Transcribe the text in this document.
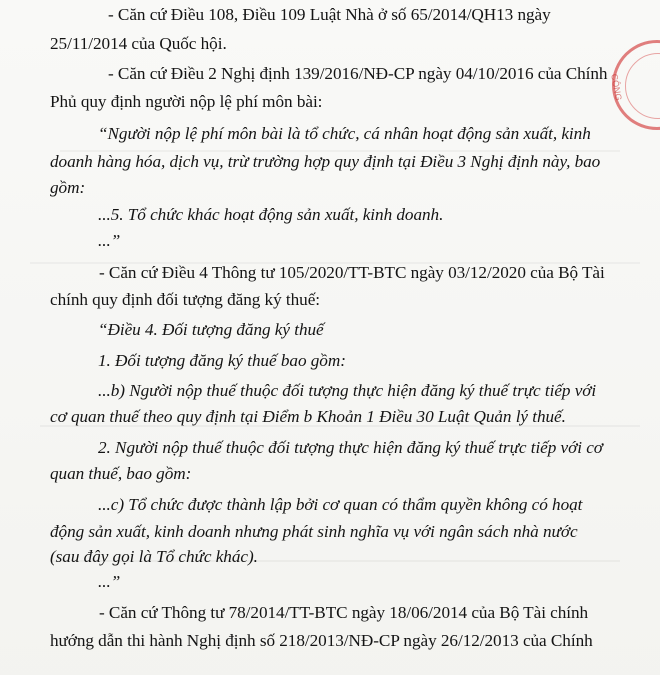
CÔNG
- Căn cứ Điều 108, Điều 109 Luật Nhà ở số 65/2014/QH13 ngày
25/11/2014 của Quốc hội.
- Căn cứ Điều 2 Nghị định 139/2016/NĐ-CP ngày 04/10/2016 của Chính
Phủ quy định người nộp lệ phí môn bài:
“Người nộp lệ phí môn bài là tổ chức, cá nhân hoạt động sản xuất, kinh
doanh hàng hóa, dịch vụ, trừ trường hợp quy định tại Điều 3 Nghị định này, bao
gồm:
...5. Tổ chức khác hoạt động sản xuất, kinh doanh.
...”
- Căn cứ Điều 4 Thông tư 105/2020/TT-BTC ngày 03/12/2020 của Bộ Tài
chính quy định đối tượng đăng ký thuế:
“Điều 4. Đối tượng đăng ký thuế
1. Đối tượng đăng ký thuế bao gồm:
...b) Người nộp thuế thuộc đối tượng thực hiện đăng ký thuế trực tiếp với
cơ quan thuế theo quy định tại Điểm b Khoản 1 Điều 30 Luật Quản lý thuế.
2. Người nộp thuế thuộc đối tượng thực hiện đăng ký thuế trực tiếp với cơ
quan thuế, bao gồm:
...c) Tổ chức được thành lập bởi cơ quan có thẩm quyền không có hoạt
động sản xuất, kinh doanh nhưng phát sinh nghĩa vụ với ngân sách nhà nước
(sau đây gọi là Tổ chức khác).
...”
- Căn cứ Thông tư 78/2014/TT-BTC ngày 18/06/2014 của Bộ Tài chính
hướng dẫn thi hành Nghị định số 218/2013/NĐ-CP ngày 26/12/2013 của Chính
